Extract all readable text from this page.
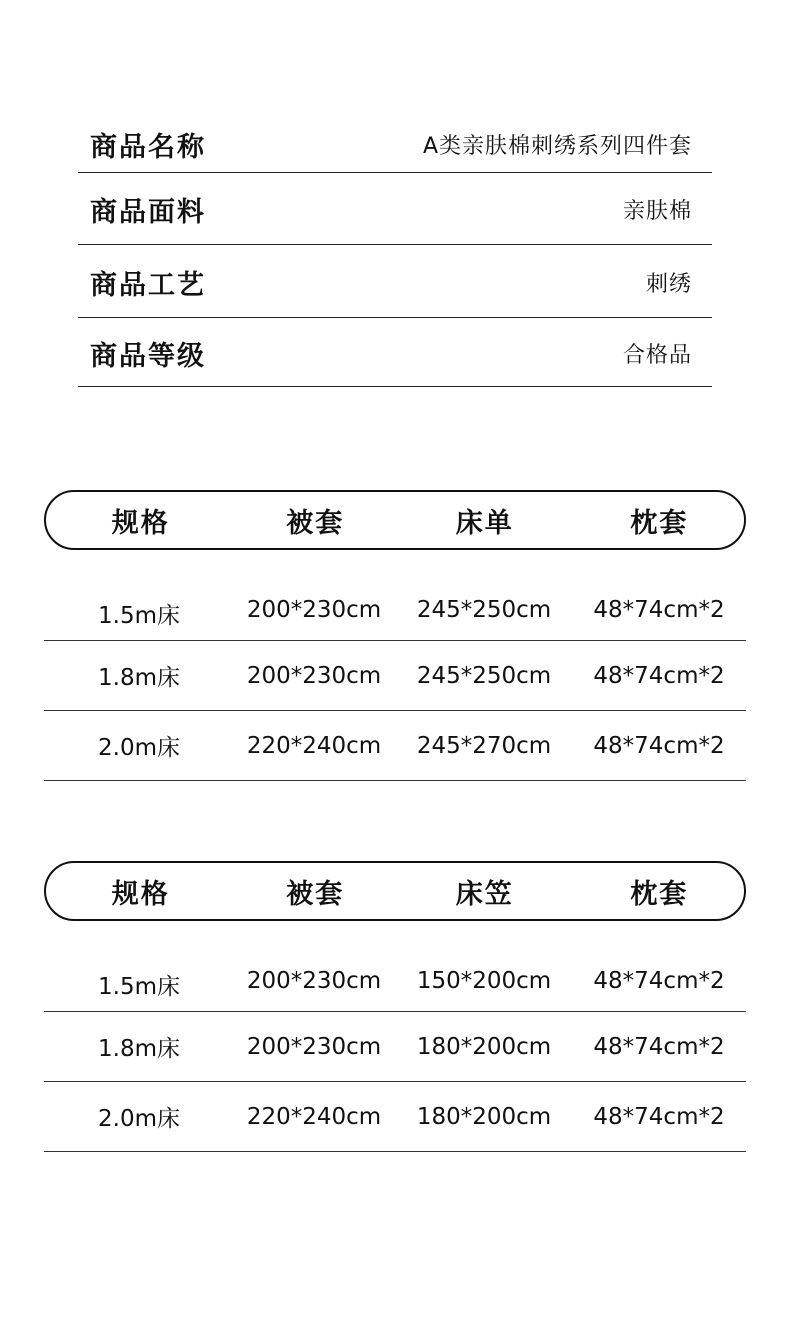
商品名称	A类亲肤棉刺绣系列四件套
商品面料	亲肤棉
商品工艺	刺绣
商品等级	合格品
规格	被套	床单	枕套
1.5m床	200*230cm	245*250cm	48*74cm*2
1.8m床	200*230cm	245*250cm	48*74cm*2
2.0m床	220*240cm	245*270cm	48*74cm*2
规格	被套	床笠	枕套
1.5m床	200*230cm	150*200cm	48*74cm*2
1.8m床	200*230cm	180*200cm	48*74cm*2
2.0m床	220*240cm	180*200cm	48*74cm*2
